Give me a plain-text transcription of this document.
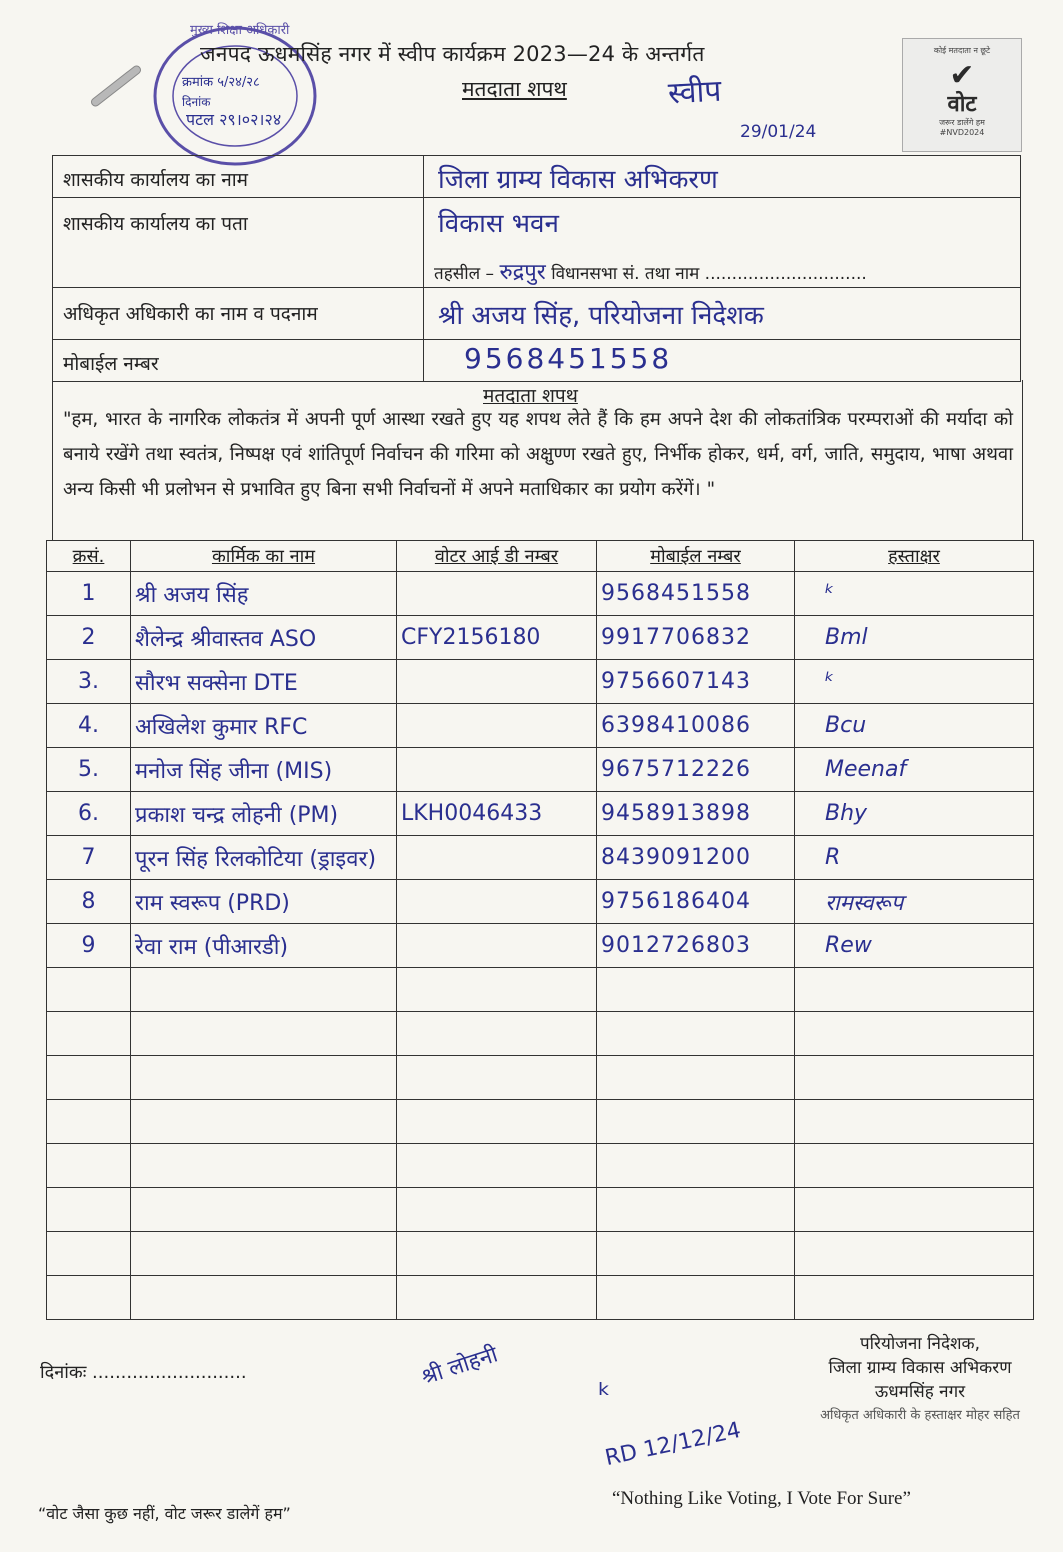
मुख्य शिक्षा अधिकारी
क्रमांक ५/२४/२८
दिनांक
पटल २९।०२।२४
जनपद ऊधमसिंह नगर में स्वीप कार्यक्रम 2023—24 के अन्तर्गत
मतदाता शपथ	स्वीप
29/01/24
कोई मतदाता न छूटे
✔
वोट
जरूर डालेंगे हम
#NVD2024
शासकीय कार्यालय का नाम	जिला ग्राम्य विकास अभिकरण
शासकीय कार्यालय का पता	विकास भवन
तहसील – रुद्रपुर विधानसभा सं. तथा नाम ..............................

अधिकृत अधिकारी का नाम व पदनाम	श्री अजय सिंह, परियोजना निदेशक
मोबाईल नम्बर	9568451558
मतदाता शपथ
"हम, भारत के नागरिक लोकतंत्र में अपनी पूर्ण आस्था रखते हुए यह शपथ लेते हैं कि हम अपने देश की लोकतांत्रिक परम्पराओं की मर्यादा को बनाये रखेंगे तथा स्वतंत्र, निष्पक्ष एवं शांतिपूर्ण निर्वाचन की गरिमा को अक्षुण्ण रखते हुए, निर्भीक होकर, धर्म, वर्ग, जाति, समुदाय, भाषा अथवा अन्य किसी भी प्रलोभन से प्रभावित हुए बिना सभी निर्वाचनों में अपने मताधिकार का प्रयोग करेंगें। "
क्रसं.	कार्मिक का नाम	वोटर आई डी नम्बर	मोबाईल नम्बर	हस्ताक्षर
1	श्री अजय सिंह		9568451558	ᵏ
2	शैलेन्द्र श्रीवास्तव ASO	CFY2156180	9917706832	Bml
3.	सौरभ सक्सेना DTE		9756607143	ᵏ
4.	अखिलेश कुमार RFC		6398410086	Bcu
5.	मनोज सिंह जीना (MIS)		9675712226	Meenaf
6.	प्रकाश चन्द्र लोहनी (PM)	LKH0046433	9458913898	Bhy
7	पूरन सिंह रिलकोटिया (ड्राइवर)		8439091200	R
8	राम स्वरूप (PRD)		9756186404	रामस्वरूप
9	रेवा राम (पीआरडी)		9012726803	Rew

दिनांकः ...........................
परियोजना निदेशक,
जिला ग्राम्य विकास अभिकरण
ऊधमसिंह नगर
अधिकृत अधिकारी के हस्ताक्षर मोहर सहित
श्री लोहनी
ᵏ
RD 12/12/24
“वोट जैसा कुछ नहीं, वोट जरूर डालेगें हम”
“Nothing Like Voting, I Vote For Sure”
